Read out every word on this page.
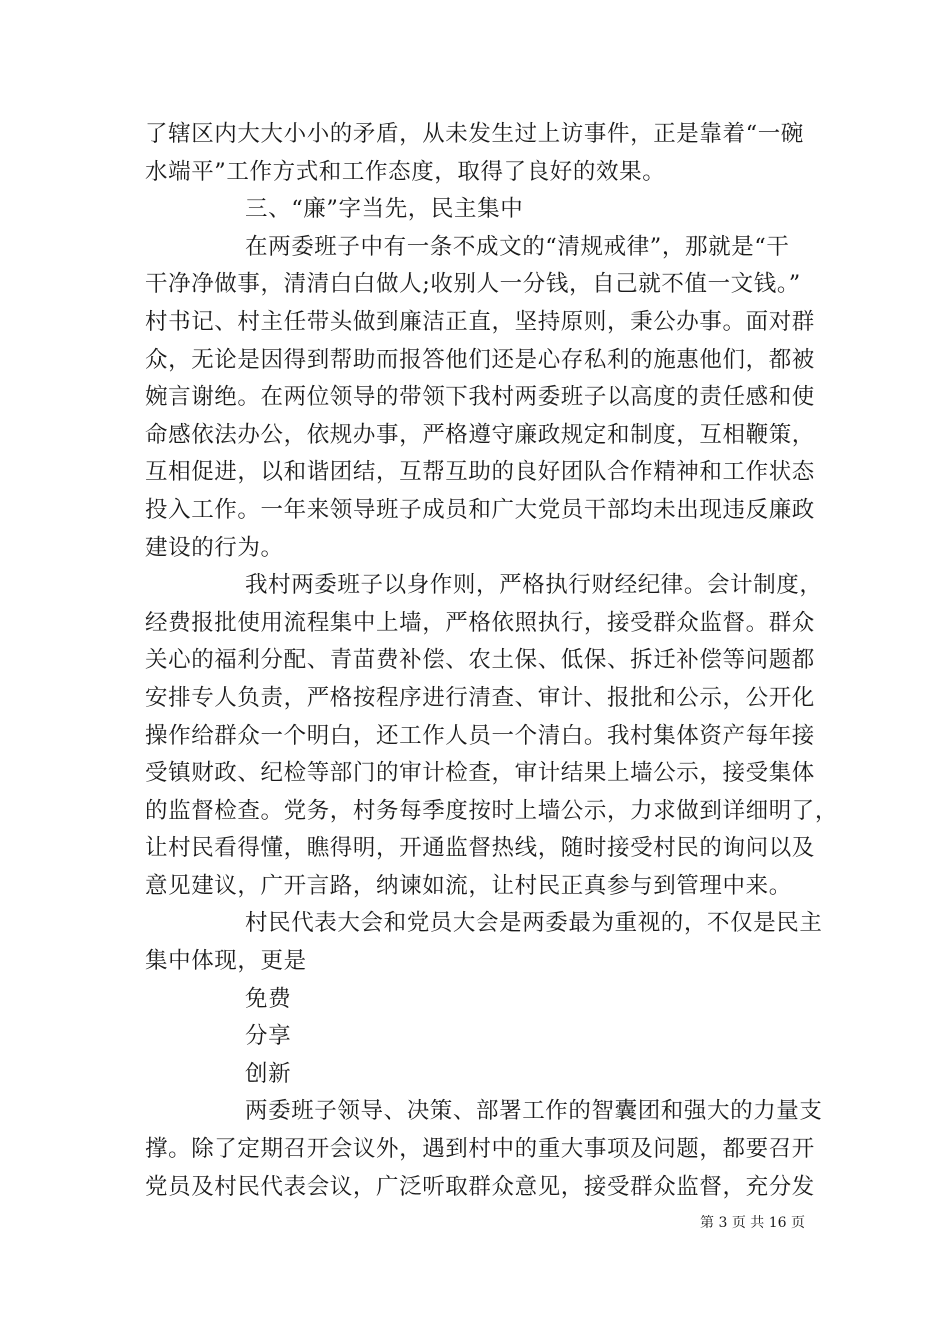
了辖区内大大小小的矛盾，从未发生过上访事件，正是靠着“一碗
水端平”工作方式和工作态度，取得了良好的效果。
三、“廉”字当先，民主集中
在两委班子中有一条不成文的“清规戒律”，那就是“干
干净净做事，清清白白做人;收别人一分钱，自己就不值一文钱。”
村书记、村主任带头做到廉洁正直，坚持原则，秉公办事。面对群
众，无论是因得到帮助而报答他们还是心存私利的施惠他们，都被
婉言谢绝。在两位领导的带领下我村两委班子以高度的责任感和使
命感依法办公，依规办事，严格遵守廉政规定和制度，互相鞭策，
互相促进，以和谐团结，互帮互助的良好团队合作精神和工作状态
投入工作。一年来领导班子成员和广大党员干部均未出现违反廉政
建设的行为。
我村两委班子以身作则，严格执行财经纪律。会计制度，
经费报批使用流程集中上墙，严格依照执行，接受群众监督。群众
关心的福利分配、青苗费补偿、农土保、低保、拆迁补偿等问题都
安排专人负责，严格按程序进行清查、审计、报批和公示，公开化
操作给群众一个明白，还工作人员一个清白。我村集体资产每年接
受镇财政、纪检等部门的审计检查，审计结果上墙公示，接受集体
的监督检查。党务，村务每季度按时上墙公示，力求做到详细明了，
让村民看得懂，瞧得明，开通监督热线，随时接受村民的询问以及
意见建议，广开言路，纳谏如流，让村民正真参与到管理中来。
村民代表大会和党员大会是两委最为重视的，不仅是民主
集中体现，更是
免费
分享
创新
两委班子领导、决策、部署工作的智囊团和强大的力量支
撑。除了定期召开会议外，遇到村中的重大事项及问题，都要召开
党员及村民代表会议，广泛听取群众意见，接受群众监督，充分发
第 3 页 共 16 页
